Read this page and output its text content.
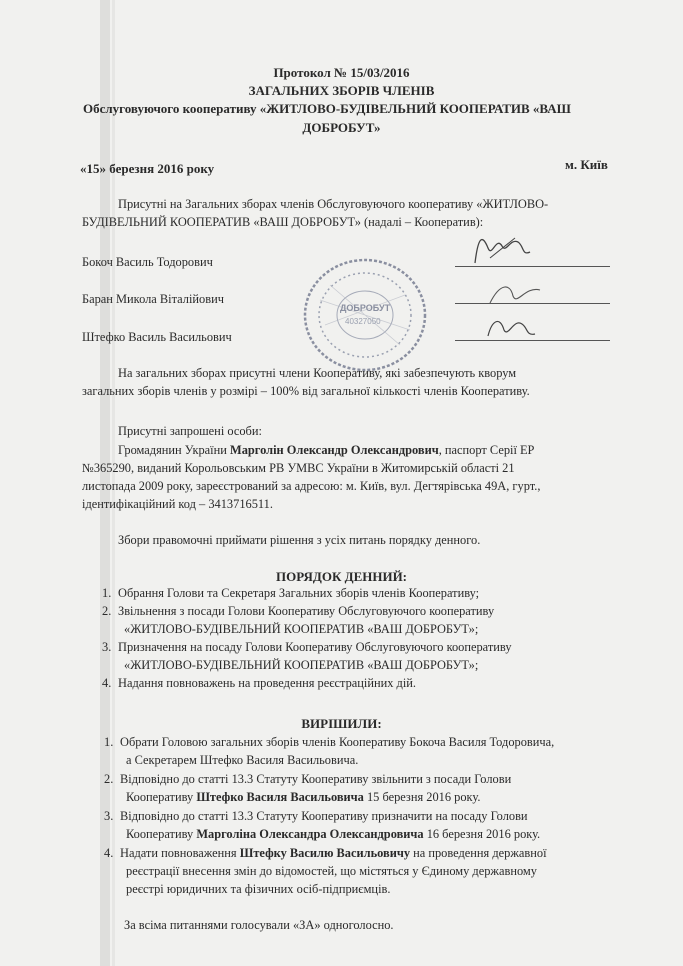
Протокол № 15/03/2016
ЗАГАЛЬНИХ ЗБОРІВ ЧЛЕНІВ
Обслуговуючого кооперативу «ЖИТЛОВО-БУДІВЕЛЬНИЙ КООПЕРАТИВ «ВАШ
ДОБРОБУТ»
«15» березня 2016 року	м. Київ
Присутні на Загальних зборах членів Обслуговуючого кооперативу «ЖИТЛОВО-
БУДІВЕЛЬНИЙ КООПЕРАТИВ «ВАШ ДОБРОБУТ» (надалі – Кооператив):
Бокоч Василь Тодорович
Баран Микола Віталійович
Штефко Василь Васильович
ДОБРОБУТ
40327050
На загальних зборах присутні члени Кооперативу, які забезпечують кворум
загальних зборів членів у розмірі – 100% від загальної кількості членів Кооперативу.
Присутні запрошені особи:
Громадянин України Марголін Олександр Олександрович, паспорт Серії ЕР
№365290, виданий Корольовським РВ УМВС України в Житомирській області 21
листопада 2009 року, зареєстрований за адресою: м. Київ, вул. Дегтярівська 49А, гурт.,
ідентифікаційний код – 3413716511.
Збори правомочні приймати рішення з усіх питань порядку денного.
ПОРЯДОК ДЕННИЙ:
1. Обрання Голови та Секретаря Загальних зборів членів Кооперативу;
2. Звільнення з посади Голови Кооперативу Обслуговуючого кооперативу
«ЖИТЛОВО-БУДІВЕЛЬНИЙ КООПЕРАТИВ «ВАШ ДОБРОБУТ»;
3. Призначення на посаду Голови Кооперативу Обслуговуючого кооперативу
«ЖИТЛОВО-БУДІВЕЛЬНИЙ КООПЕРАТИВ «ВАШ ДОБРОБУТ»;
4. Надання повноважень на проведення реєстраційних дій.
ВИРІШИЛИ:
1. Обрати Головою загальних зборів членів Кооперативу Бокоча Василя Тодоровича,
а Секретарем Штефко Василя Васильовича.
2. Відповідно до статті 13.3 Статуту Кооперативу звільнити з посади Голови
Кооперативу Штефко Василя Васильовича 15 березня 2016 року.
3. Відповідно до статті 13.3 Статуту Кооперативу призначити на посаду Голови
Кооперативу Марголіна Олександра Олександровича 16 березня 2016 року.
4. Надати повноваження Штефку Василю Васильовичу на проведення державної
реєстрації внесення змін до відомостей, що містяться у Єдиному державному
реєстрі юридичних та фізичних осіб-підприємців.
За всіма питаннями голосували «ЗА» одноголосно.
